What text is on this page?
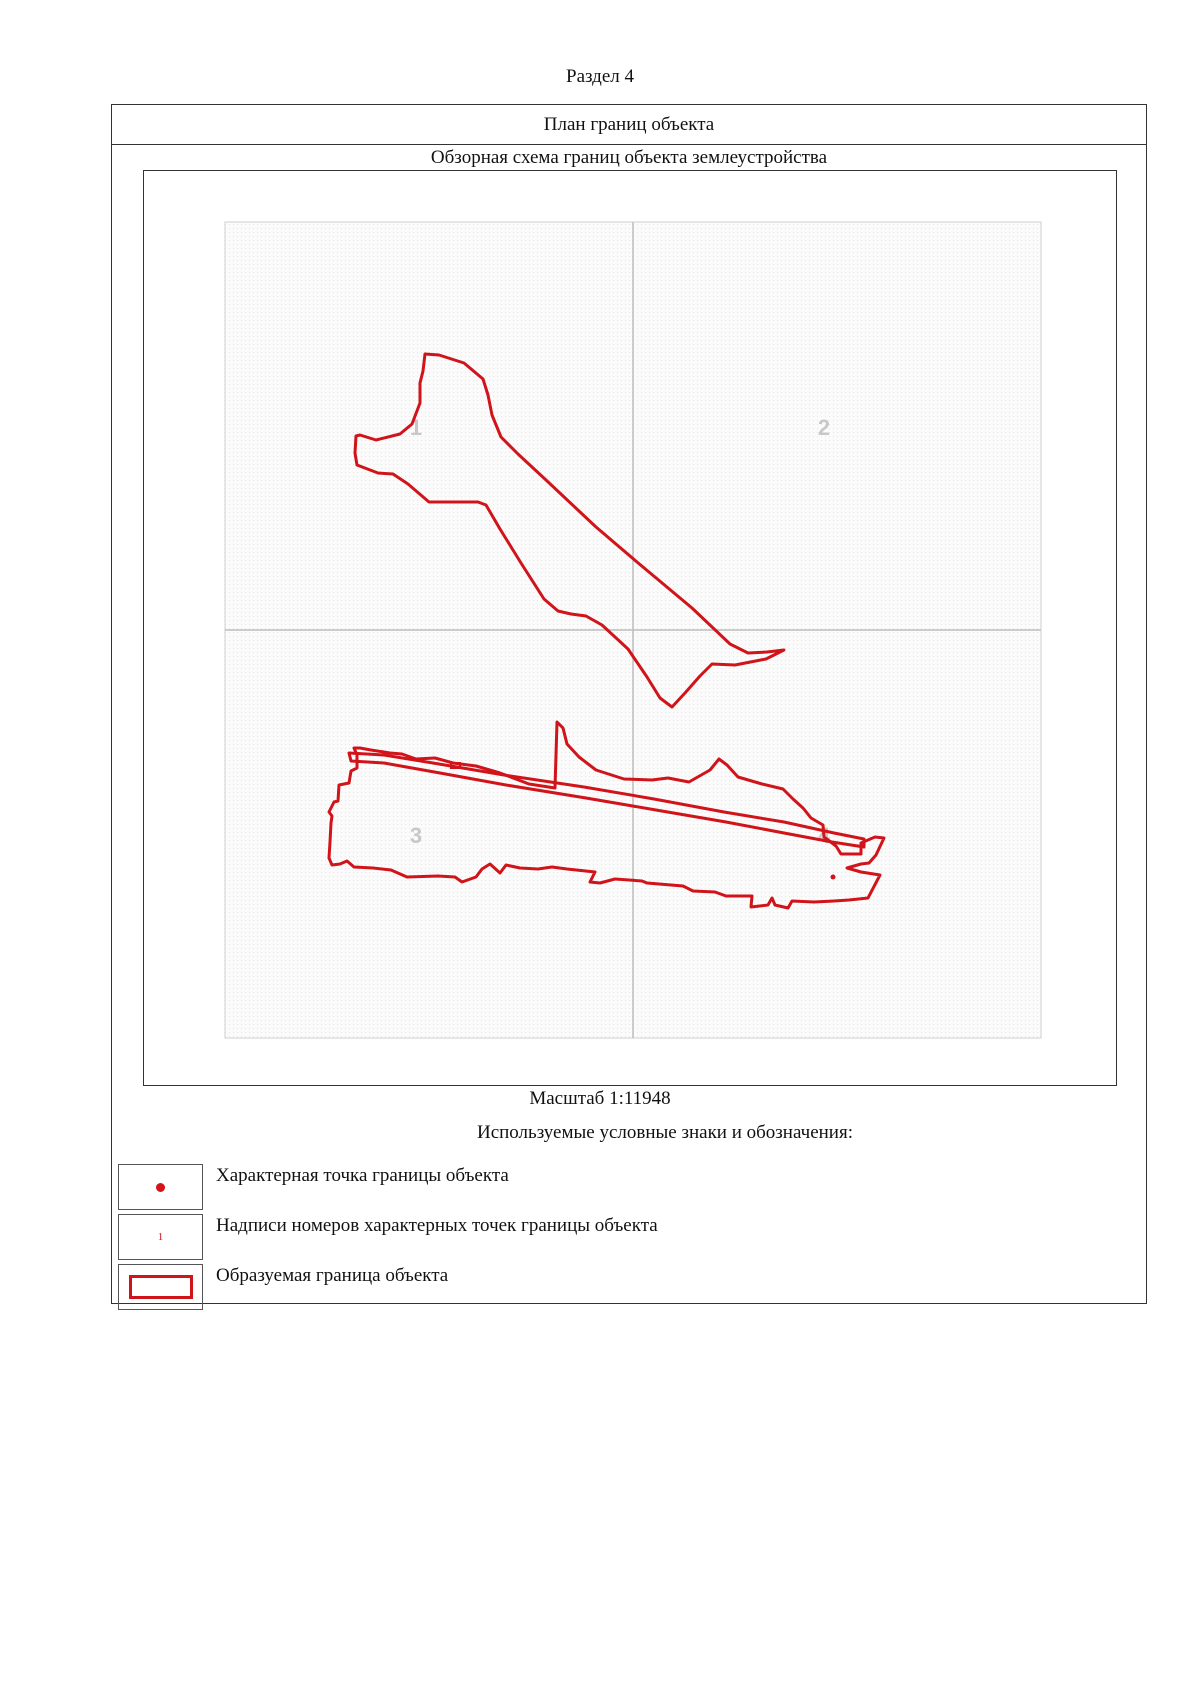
Раздел 4
План границ объекта
Обзорная схема границ объекта землеустройства
1	2
3	4
Масштаб 1:11948
Используемые условные знаки и обозначения:
Характерная точка границы объекта
1
Надписи номеров характерных точек границы объекта
Образуемая граница объекта
